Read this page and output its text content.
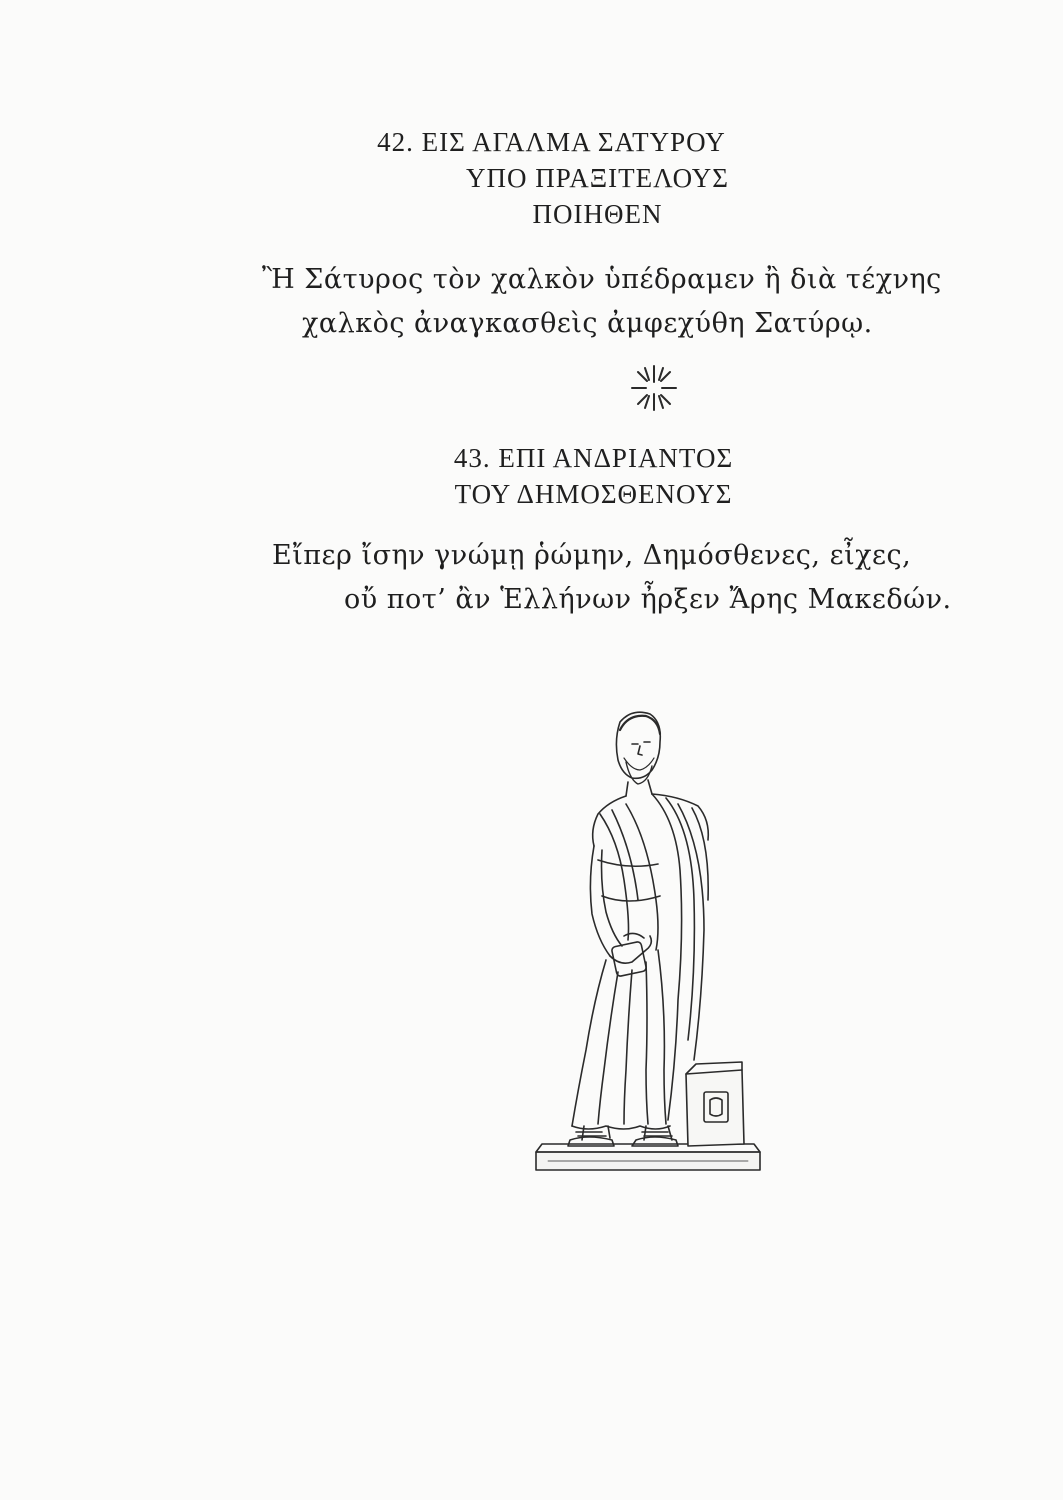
42. ΕΙΣ ΑΓΑΛΜΑ ΣΑΤΥΡΟΥ
ΥΠΟ ΠΡΑΞΙΤΕΛΟΥΣ
ΠΟΙΗΘΕΝ
Ἢ Σάτυρος τὸν χαλκὸν ὑπέδραμεν ἢ διὰ τέχνης
χαλκὸς ἀναγκασθεὶς ἀμφεχύθη Σατύρῳ.
43. ΕΠΙ ΑΝΔΡΙΑΝΤΟΣ
ΤΟΥ ΔΗΜΟΣΘΕΝΟΥΣ
Εἴπερ ἴσην γνώμῃ ῥώμην, Δημόσθενες, εἶχες,
οὔ ποτ’ ἂν Ἑλλήνων ἦρξεν Ἄρης Μακεδών.
